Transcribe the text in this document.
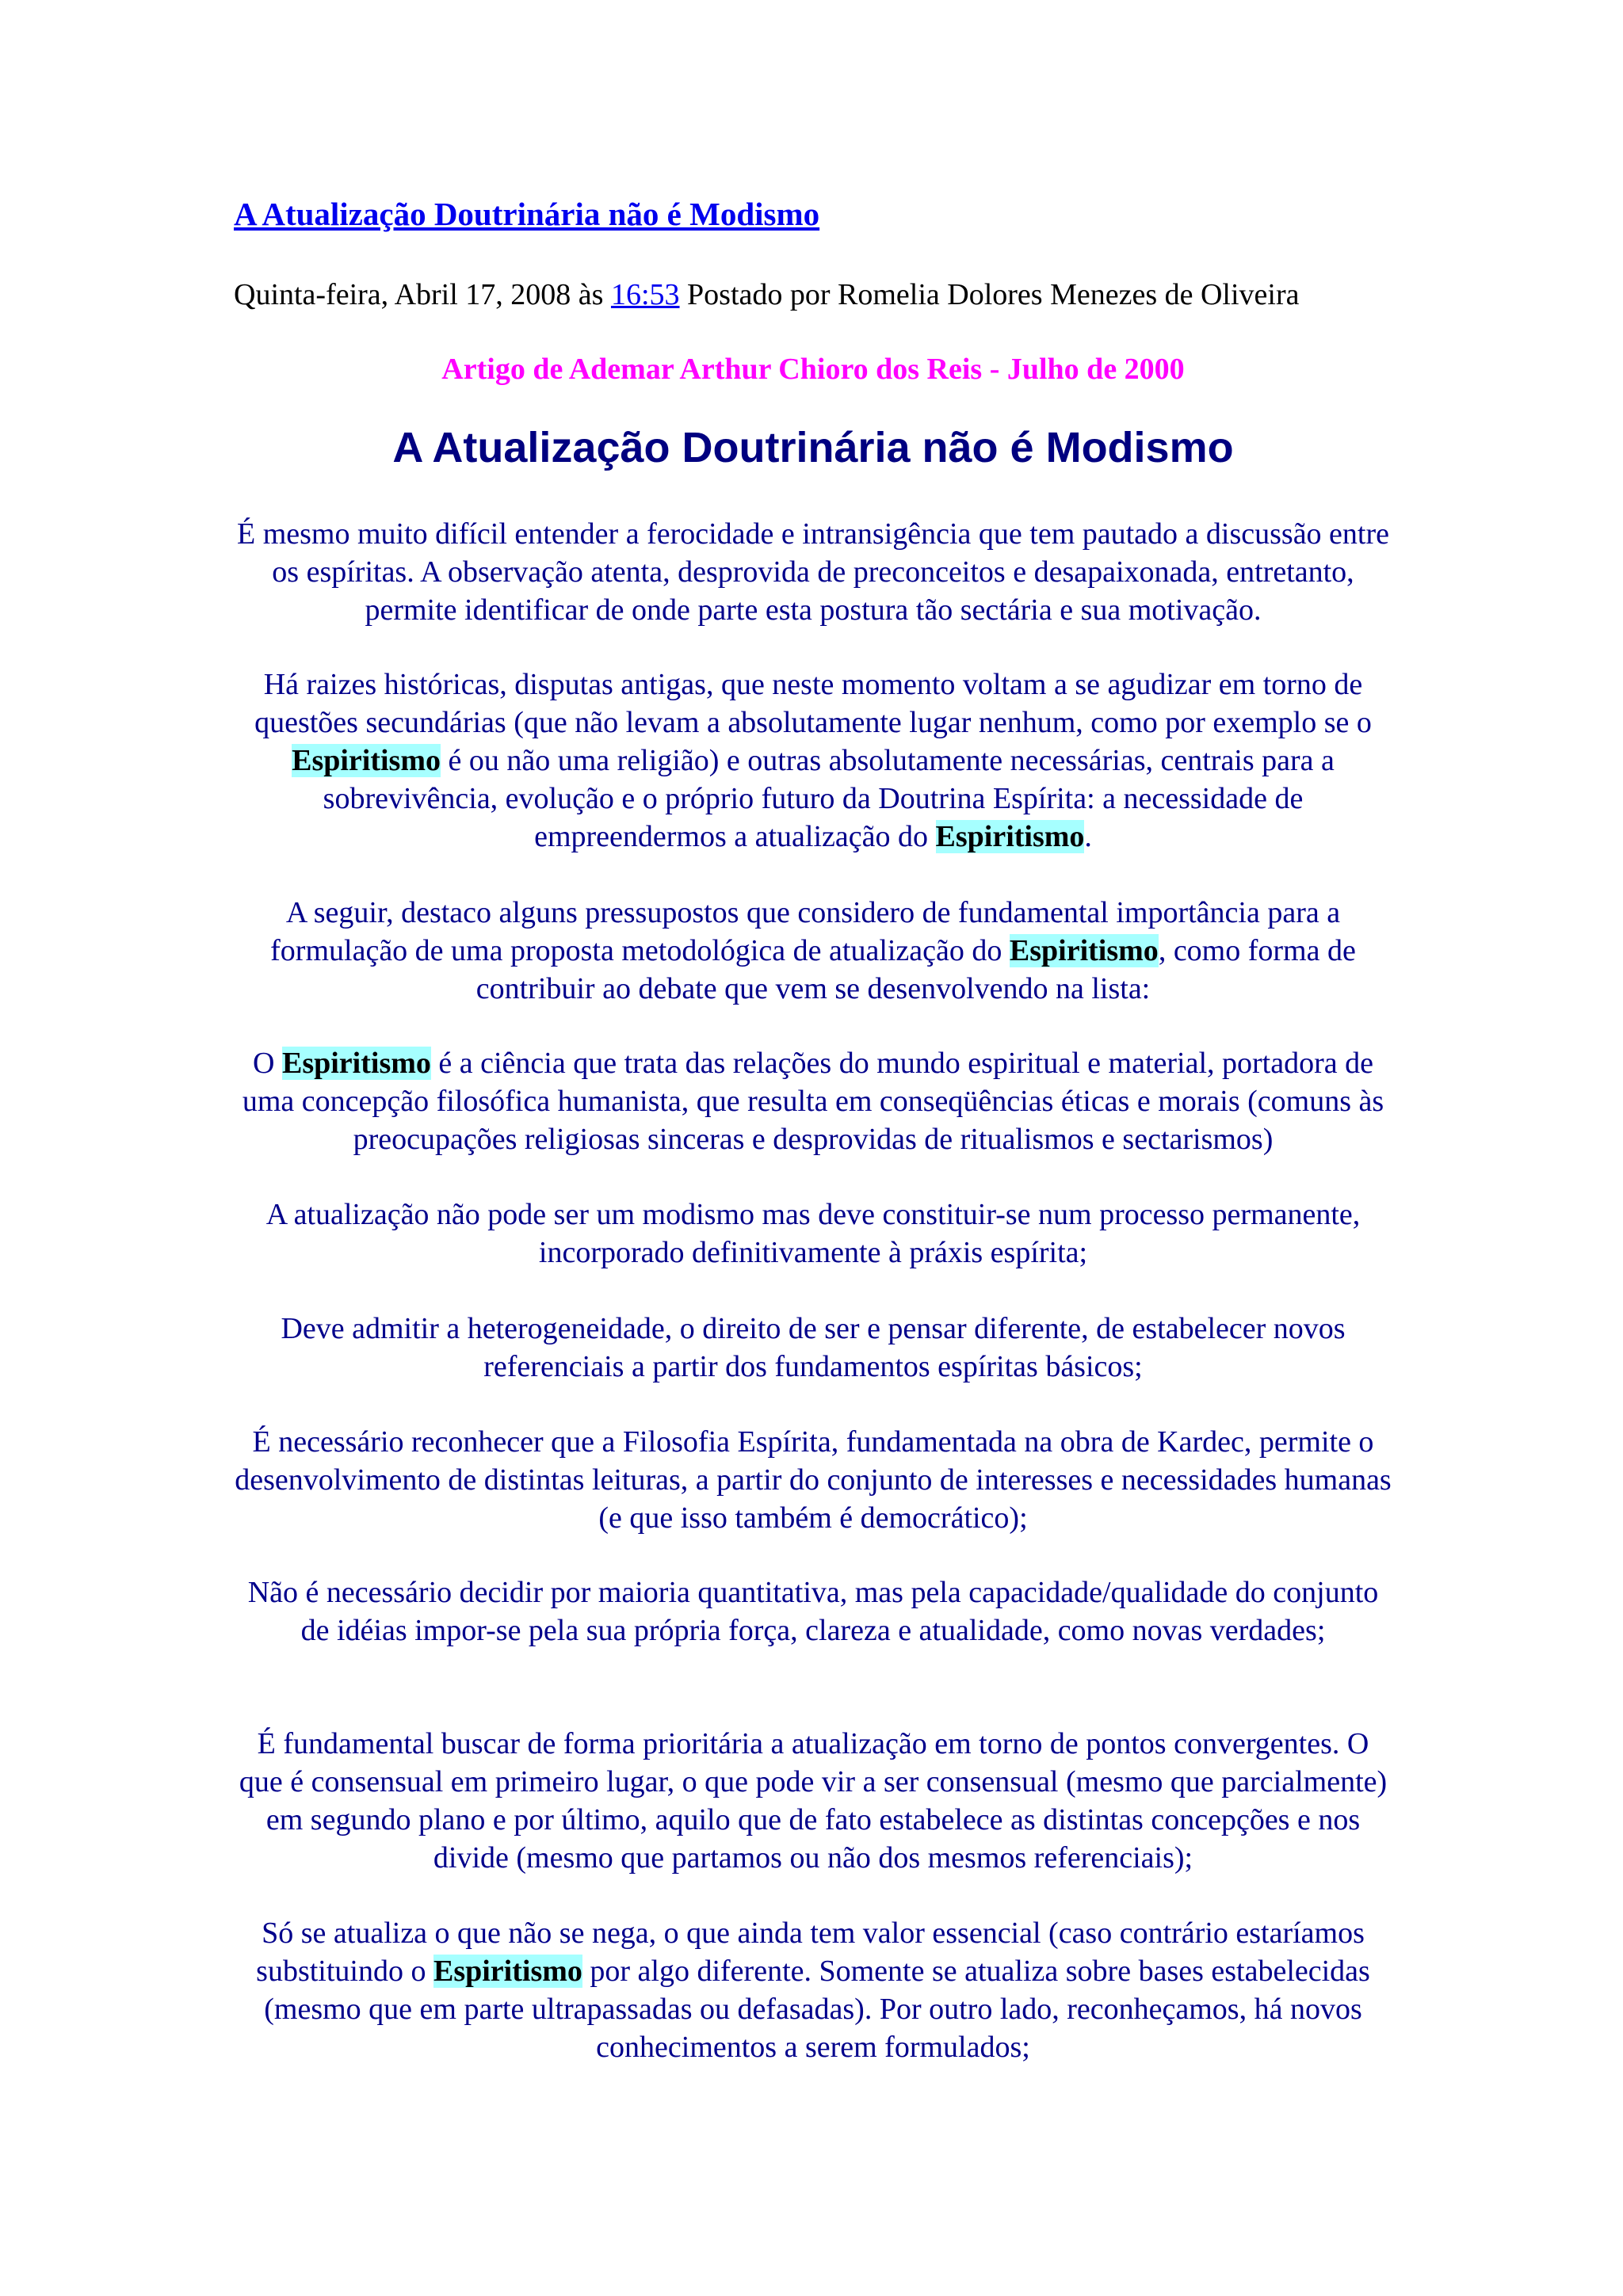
A Atualização Doutrinária não é Modismo
Quinta-feira, Abril 17, 2008 às 16:53 Postado por Romelia Dolores Menezes de Oliveira
Artigo de Ademar Arthur Chioro dos Reis - Julho de 2000
A Atualização Doutrinária não é Modismo

É mesmo muito difícil entender a ferocidade e intransigência que tem pautado a discussão entre os espíritas. A observação atenta, desprovida de preconceitos e desapaixonada, entretanto, permite identificar de onde parte esta postura tão sectária e sua motivação.

Há raizes históricas, disputas antigas, que neste momento voltam a se agudizar em torno de questões secundárias (que não levam a absolutamente lugar nenhum, como por exemplo se o Espiritismo é ou não uma religião) e outras absolutamente necessárias, centrais para a sobrevivência, evolução e o próprio futuro da Doutrina Espírita: a necessidade de empreendermos a atualização do Espiritismo.

A seguir, destaco alguns pressupostos que considero de fundamental importância para a formulação de uma proposta metodológica de atualização do Espiritismo, como forma de contribuir ao debate que vem se desenvolvendo na lista:

O Espiritismo é a ciência que trata das relações do mundo espiritual e material, portadora de uma concepção filosófica humanista, que resulta em conseqüências éticas e morais (comuns às preocupações religiosas sinceras e desprovidas de ritualismos e sectarismos)

A atualização não pode ser um modismo mas deve constituir-se num processo permanente, incorporado definitivamente à práxis espírita;

Deve admitir a heterogeneidade, o direito de ser e pensar diferente, de estabelecer novos referenciais a partir dos fundamentos espíritas básicos;

É necessário reconhecer que a Filosofia Espírita, fundamentada na obra de Kardec, permite o desenvolvimento de distintas leituras, a partir do conjunto de interesses e necessidades humanas (e que isso também é democrático);

Não é necessário decidir por maioria quantitativa, mas pela capacidade/qualidade do conjunto de idéias impor-se pela sua própria força, clareza e atualidade, como novas verdades;

É fundamental buscar de forma prioritária a atualização em torno de pontos convergentes. O que é consensual em primeiro lugar, o que pode vir a ser consensual (mesmo que parcialmente) em segundo plano e por último, aquilo que de fato estabelece as distintas concepções e nos divide (mesmo que partamos ou não dos mesmos referenciais);

Só se atualiza o que não se nega, o que ainda tem valor essencial (caso contrário estaríamos substituindo o Espiritismo por algo diferente. Somente se atualiza sobre bases estabelecidas (mesmo que em parte ultrapassadas ou defasadas). Por outro lado, reconheçamos, há novos conhecimentos a serem formulados;
